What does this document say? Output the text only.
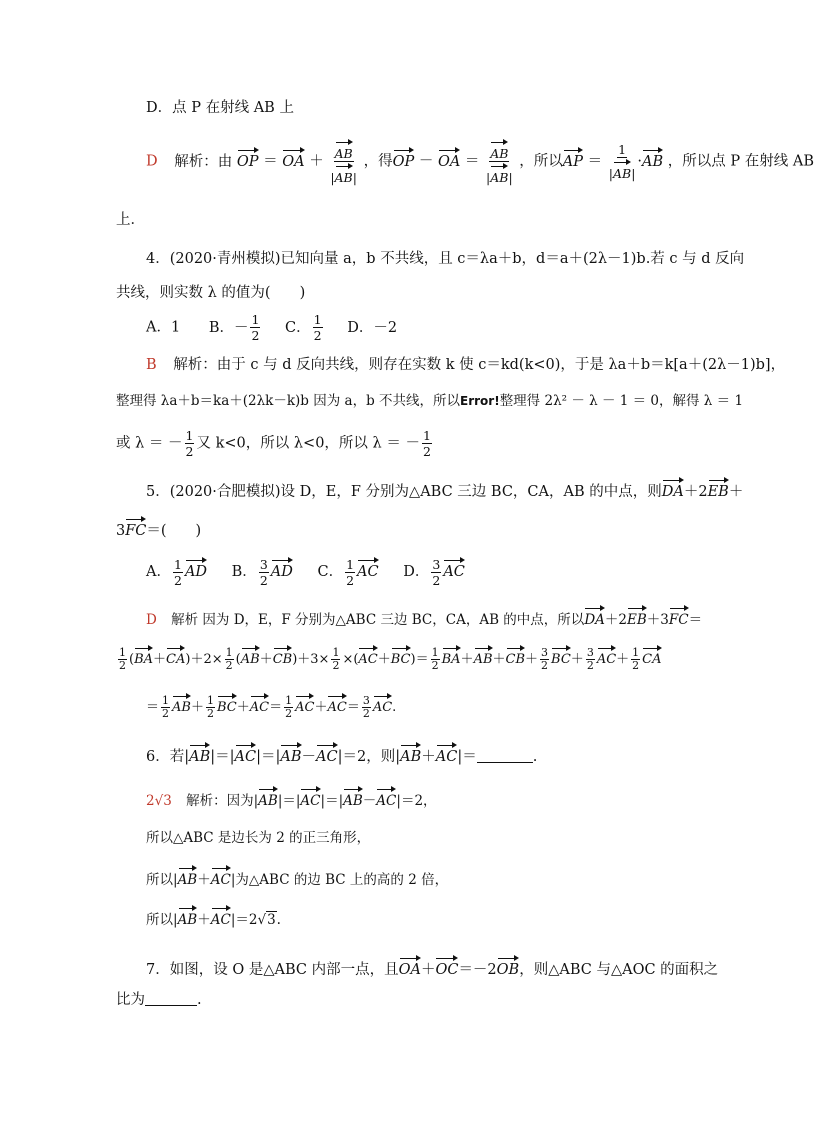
D．点 P 在射线 AB 上
D 解析：由 OP ＝ OA ＋ $\frac{AB}{|AB|}$ ，得OP － OA ＝ $\frac{AB}{|AB|}$ ，所以AP ＝ $\frac{1}{|AB|} \cdot AB$ ，所以点 P 在射线 AB
上．
4．(2020·青州模拟)已知向量 a，b 不共线，且 c＝λa＋b，d＝a＋(2λ－1)b.若 c 与 d 反向
共线，则实数 λ 的值为(　　)
A．1 B．－ $\frac{1}{2}$ C． $\frac{1}{2}$ D．－2
B 解析：由于 c 与 d 反向共线，则存在实数 k 使 c＝kd(k<0)，于是 λa＋b＝k[a＋(2λ－1)b]，
整理得 λa＋b＝ka＋(2λk－k)b 因为 a，b 不共线，所以Error!整理得 2λ² － λ － 1 ＝ 0，解得 λ ＝ 1
或 λ ＝ － $\frac{1}{2}$ 又 k<0，所以 λ<0，所以 λ ＝ － $\frac{1}{2}$
5．(2020·合肥模拟)设 D，E，F 分别为△ABC 三边 BC，CA，AB 的中点，则DA＋2EB＋
3FC＝(　　)
A． $\frac{1}{2}$ AD B． $\frac{3}{2}$ AD C． $\frac{1}{2}$ AC D． $\frac{3}{2}$ AC
D 解析 因为 D，E，F 分别为△ABC 三边 BC，CA，AB 的中点，所以DA＋2EB＋3FC＝
$\frac{1}{2} (BA+CA)+2\times \frac{1}{2} (AB+CB)+3\times \frac{1}{2} \times(AC+BC)= \frac{1}{2} BA+AB+CB+ \frac{3}{2} BC+ \frac{3}{2} AC+ \frac{1}{2}$ CA
＝ $\frac{1}{2} AB+ \frac{1}{2} BC+AC= \frac{1}{2} AC+AC= \frac{3}{2}$ AC.
6．若|AB|＝|AC|＝|AB－AC|＝2，则|AB＋AC|＝	.
2√3 解析：因为|AB|＝|AC|＝|AB－AC|＝2，
所以△ABC 是边长为 2 的正三角形，
所以|AB＋AC|为△ABC 的边 BC 上的高的 2 倍，
所以|AB＋AC|＝2√3.
7．如图，设 O 是△ABC 内部一点，且OA＋OC＝－2OB，则△ABC 与△AOC 的面积之
比为	.
